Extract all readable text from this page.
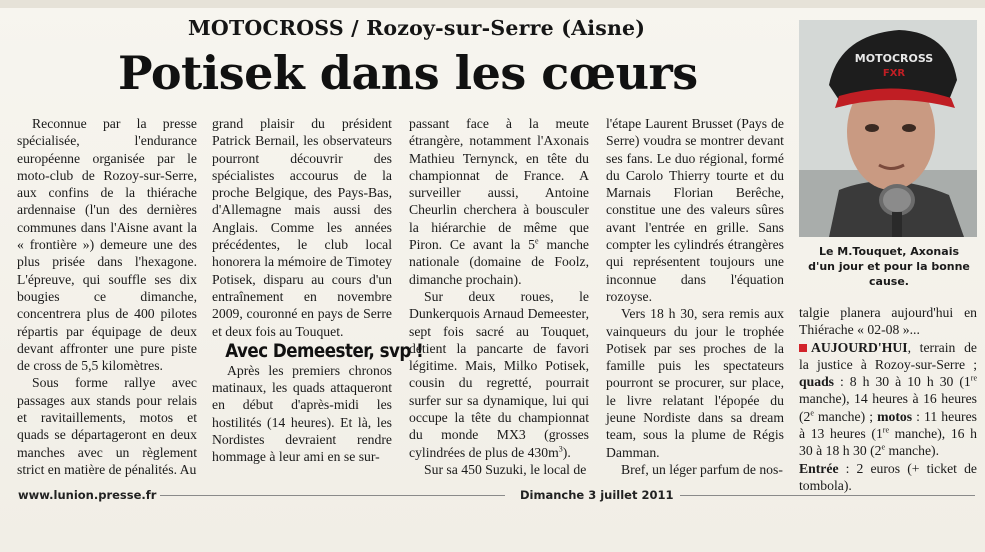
MOTOCROSS / Rozoy-sur-Serre (Aisne)
Potisek dans les cœurs

Reconnue par la presse spécialisée, l'endurance européenne organisée par le moto-club de Rozoy-sur-Serre, aux confins de la thiérache ardennaise (l'un des dernières communes dans l'Aisne avant la « frontière ») demeure une des plus prisée dans l'hexagone. L'épreuve, qui souffle ses dix bougies ce dimanche, concentrera plus de 400 pilotes répartis par équipage de deux devant affronter une pure piste de cross de 5,5 kilomètres.

Sous forme rallye avec passages aux stands pour relais et ravitaillements, motos et quads se départageront en deux manches avec un règlement strict en matière de pénalités. Au

grand plaisir du président Patrick Bernail, les observateurs pourront découvrir des spécialistes accourus de la proche Belgique, des Pays-Bas, d'Allemagne mais aussi des Anglais. Comme les années précédentes, le club local honorera la mémoire de Timotey Potisek, disparu au cours d'un entraînement en novembre 2009, couronné en pays de Serre et deux fois au Touquet.

Avec Demeester, svp !

Après les premiers chronos matinaux, les quads attaqueront en début d'après-midi les hostilités (14 heures). Et là, les Nordistes devraient rendre hommage à leur ami en se sur-

passant face à la meute étrangère, notamment l'Axonais Mathieu Ternynck, en tête du championnat de France. A surveiller aussi, Antoine Cheurlin cherchera à bousculer la hiérarchie de même que Piron. Ce avant la 5e manche nationale (domaine de Foolz, dimanche prochain).

Sur deux roues, le Dunkerquois Arnaud Demeester, sept fois sacré au Touquet, détient la pancarte de favori légitime. Mais, Milko Potisek, cousin du regretté, pourrait surfer sur sa dynamique, lui qui occupe la tête du championnat du monde MX3 (grosses cylindrées de plus de $430m^3$).

Sur sa 450 Suzuki, le local de

l'étape Laurent Brusset (Pays de Serre) voudra se montrer devant ses fans. Le duo régional, formé du Carolo Thierry tourte et du Marnais Florian Berêche, constitue une des valeurs sûres avant l'entrée en grille. Sans compter les cylindrés étrangères qui représentent toujours une inconnue dans l'équation rozoyse.

Vers 18 h 30, sera remis aux vainqueurs du jour le trophée Potisek par ses proches de la famille puis les spectateurs pourront se procurer, sur place, le livre relatant l'épopée du jeune Nordiste dans sa dream team, sous la plume de Régis Damman.

Bref, un léger parfum de nos-

MOTOCROSS
FXR
Le M.Touquet, Axonais d'un jour et pour la bonne cause.

talgie planera aujourd'hui en Thiérache « 02-08 »...

AUJOURD'HUI, terrain de la justice à Rozoy-sur-Serre ; quads : 8 h 30 à 10 h 30 (1re manche), 14 heures à 16 heures (2e manche) ; motos : 11 heures à 13 heures (1re manche), 16 h 30 à 18 h 30 (2e manche).

Entrée : 2 euros (+ ticket de tombola).

www.lunion.presse.fr	Dimanche 3 juillet 2011
